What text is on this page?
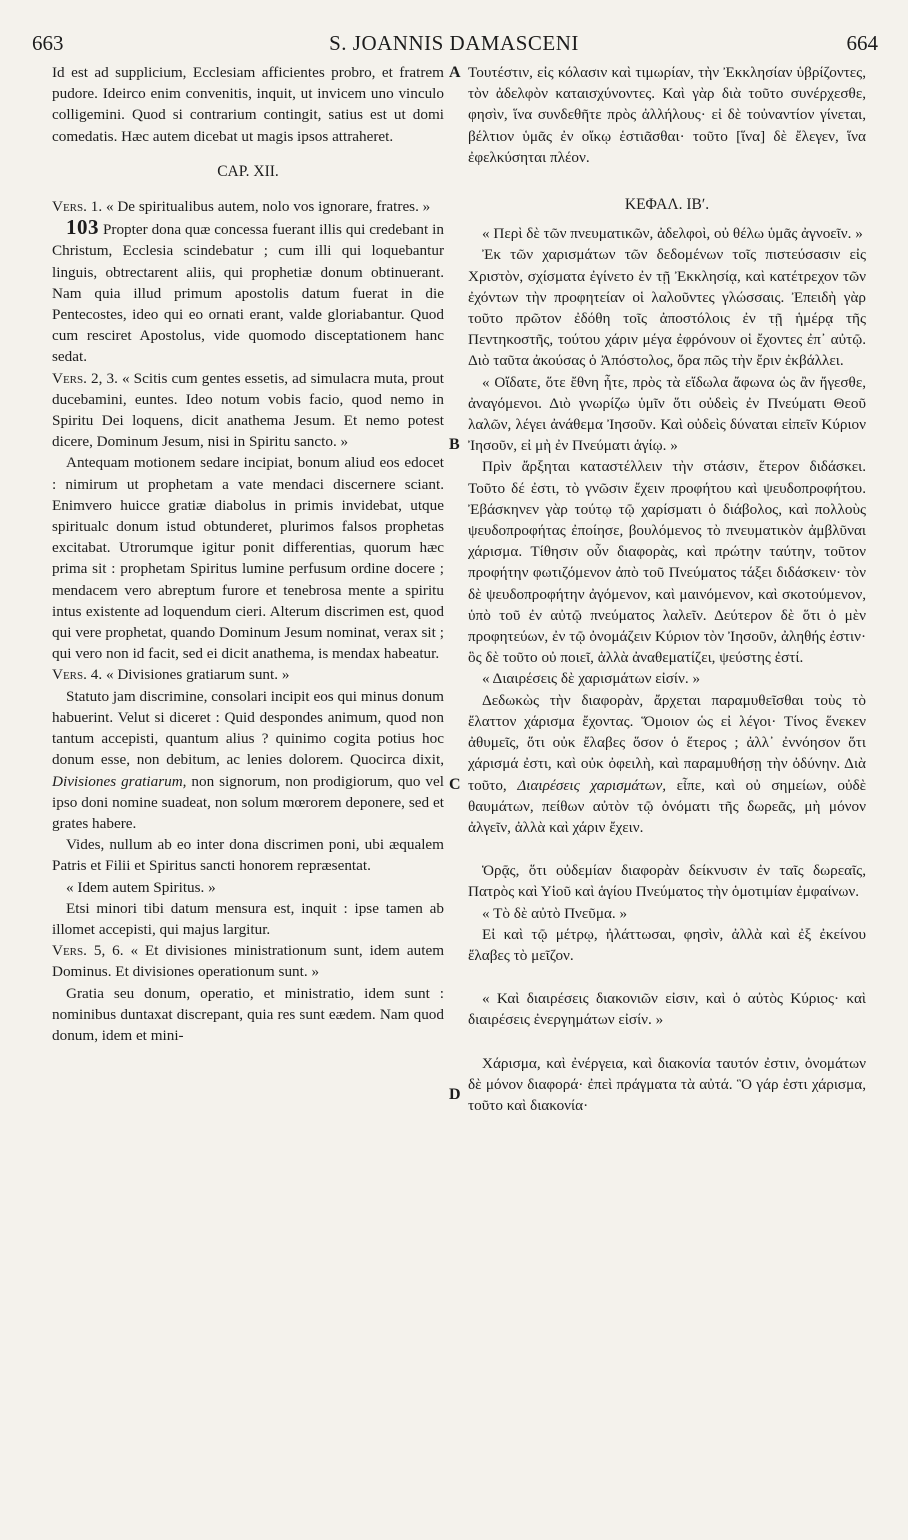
663	S. JOANNIS DAMASCENI	664
A
B
C
D

Id est ad supplicium, Ecclesiam afficientes probro, et fratrem pudore. Ideirco enim convenitis, inquit, ut invicem uno vinculo colligemini. Quod si contrarium contingit, satius est ut domi comedatis. Hæc autem dicebat ut magis ipsos attraheret.

CAP. XII.

Vers. 1. « De spiritualibus autem, nolo vos ignorare, fratres. »

103 Propter dona quæ concessa fuerant illis qui credebant in Christum, Ecclesia scindebatur ; cum illi qui loquebantur linguis, obtrectarent aliis, qui prophetiæ donum obtinuerant. Nam quia illud primum apostolis datum fuerat in die Pentecostes, ideo qui eo ornati erant, valde gloriabantur. Quod cum resciret Apostolus, vide quomodo disceptationem hanc sedat.

Vers. 2, 3. « Scitis cum gentes essetis, ad simulacra muta, prout ducebamini, euntes. Ideo notum vobis facio, quod nemo in Spiritu Dei loquens, dicit anathema Jesum. Et nemo potest dicere, Dominum Jesum, nisi in Spiritu sancto. »

Antequam motionem sedare incipiat, bonum aliud eos edocet : nimirum ut prophetam a vate mendaci discernere sciant. Enimvero huicce gratiæ diabolus in primis invidebat, utque spiritualc donum istud obtunderet, plurimos falsos prophetas excitabat. Utrorumque igitur ponit differentias, quorum hæc prima sit : prophetam Spiritus lumine perfusum ordine docere ; mendacem vero abreptum furore et tenebrosa mente a spiritu intus existente ad loquendum cieri. Alterum discrimen est, quod qui vere prophetat, quando Dominum Jesum nominat, verax sit ; qui vero non id facit, sed ei dicit anathema, is mendax habeatur.

Vers. 4. « Divisiones gratiarum sunt. »

Statuto jam discrimine, consolari incipit eos qui minus donum habuerint. Velut si diceret : Quid despondes animum, quod non tantum accepisti, quantum alius ? quinimo cogita potius hoc donum esse, non debitum, ac lenies dolorem. Quocirca dixit, Divisiones gratiarum, non signorum, non prodigiorum, quo vel ipso doni nomine suadeat, non solum mœrorem deponere, sed et grates habere.

Vides, nullum ab eo inter dona discrimen poni, ubi æqualem Patris et Filii et Spiritus sancti honorem repræsentat.

« Idem autem Spiritus. »

Etsi minori tibi datum mensura est, inquit : ipse tamen ab illomet accepisti, qui majus largitur.

Vers. 5, 6. « Et divisiones ministrationum sunt, idem autem Dominus. Et divisiones operationum sunt. »

Gratia seu donum, operatio, et ministratio, idem sunt : nominibus duntaxat discrepant, quia res sunt eædem. Nam quod donum, idem et mini-

Τουτέστιν, εἰς κόλασιν καὶ τιμωρίαν, τὴν Ἐκκλησίαν ὑβρίζοντες, τὸν ἀδελφὸν καταισχύνοντες. Καὶ γὰρ διὰ τοῦτο συνέρχεσθε, φησὶν, ἵνα συνδεθῆτε πρὸς ἀλλήλους· εἰ δὲ τοὐναντίον γίνεται, βέλτιον ὑμᾶς ἐν οἴκῳ ἑστιᾶσθαι· τοῦτο [ἵνα] δὲ ἔλεγεν, ἵνα ἐφελκύσηται πλέον.

ΚΕΦΑΛ. ΙΒʹ.

« Περὶ δὲ τῶν πνευματικῶν, ἀδελφοὶ, οὐ θέλω ὑμᾶς ἀγνοεῖν. »

Ἐκ τῶν χαρισμάτων τῶν δεδομένων τοῖς πιστεύσασιν εἰς Χριστὸν, σχίσματα ἐγίνετο ἐν τῇ Ἐκκλησίᾳ, καὶ κατέτρεχον τῶν ἐχόντων τὴν προφητείαν οἱ λαλοῦντες γλώσσαις. Ἐπειδὴ γὰρ τοῦτο πρῶτον ἐδόθη τοῖς ἀποστόλοις ἐν τῇ ἡμέρᾳ τῆς Πεντηκοστῆς, τούτου χάριν μέγα ἐφρόνουν οἱ ἔχοντες ἐπ᾽ αὐτῷ. Διὸ ταῦτα ἀκούσας ὁ Ἀπόστολος, ὅρα πῶς τὴν ἔριν ἐκβάλλει.

« Οἴδατε, ὅτε ἔθνη ἦτε, πρὸς τὰ εἴδωλα ἄφωνα ὡς ἂν ἤγεσθε, ἀναγόμενοι. Διὸ γνωρίζω ὑμῖν ὅτι οὐδεὶς ἐν Πνεύματι Θεοῦ λαλῶν, λέγει ἀνάθεμα Ἰησοῦν. Καὶ οὐδεὶς δύναται εἰπεῖν Κύριον Ἰησοῦν, εἰ μὴ ἐν Πνεύματι ἁγίῳ. »

Πρὶν ἄρξηται καταστέλλειν τὴν στάσιν, ἕτερον διδάσκει. Τοῦτο δέ ἐστι, τὸ γνῶσιν ἔχειν προφήτου καὶ ψευδοπροφήτου. Ἐβάσκηνεν γὰρ τούτῳ τῷ χαρίσματι ὁ διάβολος, καὶ πολλοὺς ψευδοπροφήτας ἐποίησε, βουλόμενος τὸ πνευματικὸν ἀμβλῦναι χάρισμα. Τίθησιν οὖν διαφορὰς, καὶ πρώτην ταύτην, τοῦτον προφήτην φωτιζόμενον ἀπὸ τοῦ Πνεύματος τάξει διδάσκειν· τὸν δὲ ψευδοπροφήτην ἀγόμενον, καὶ μαινόμενον, καὶ σκοτούμενον, ὑπὸ τοῦ ἐν αὐτῷ πνεύματος λαλεῖν. Δεύτερον δὲ ὅτι ὁ μὲν προφητεύων, ἐν τῷ ὀνομάζειν Κύριον τὸν Ἰησοῦν, ἀληθής ἐστιν· ὃς δὲ τοῦτο οὐ ποιεῖ, ἀλλὰ ἀναθεματίζει, ψεύστης ἐστί.

« Διαιρέσεις δὲ χαρισμάτων εἰσίν. »

Δεδωκὼς τὴν διαφορὰν, ἄρχεται παραμυθεῖσθαι τοὺς τὸ ἔλαττον χάρισμα ἔχοντας. Ὅμοιον ὡς εἰ λέγοι· Τίνος ἕνεκεν ἀθυμεῖς, ὅτι οὐκ ἔλαβες ὅσον ὁ ἕτερος ; ἀλλ᾽ ἐννόησον ὅτι χάρισμά ἐστι, καὶ οὐκ ὀφειλὴ, καὶ παραμυθήσῃ τὴν ὀδύνην. Διὰ τοῦτο, Διαιρέσεις χαρισμάτων, εἶπε, καὶ οὐ σημείων, οὐδὲ θαυμάτων, πείθων αὐτὸν τῷ ὀνόματι τῆς δωρεᾶς, μὴ μόνον ἀλγεῖν, ἀλλὰ καὶ χάριν ἔχειν.

Ὁρᾷς, ὅτι οὐδεμίαν διαφορὰν δείκνυσιν ἐν ταῖς δωρεαῖς, Πατρὸς καὶ Υἱοῦ καὶ ἁγίου Πνεύματος τὴν ὁμοτιμίαν ἐμφαίνων.

« Τὸ δὲ αὐτὸ Πνεῦμα. »

Εἰ καὶ τῷ μέτρῳ, ἠλάττωσαι, φησὶν, ἀλλὰ καὶ ἐξ ἐκείνου ἔλαβες τὸ μεῖζον.

« Καὶ διαιρέσεις διακονιῶν εἰσιν, καὶ ὁ αὐτὸς Κύριος· καὶ διαιρέσεις ἐνεργημάτων εἰσίν. »

Χάρισμα, καὶ ἐνέργεια, καὶ διακονία ταυτόν ἐστιν, ὀνομάτων δὲ μόνον διαφορά· ἐπεὶ πράγματα τὰ αὐτά. Ὃ γάρ ἐστι χάρισμα, τοῦτο καὶ διακονία·
